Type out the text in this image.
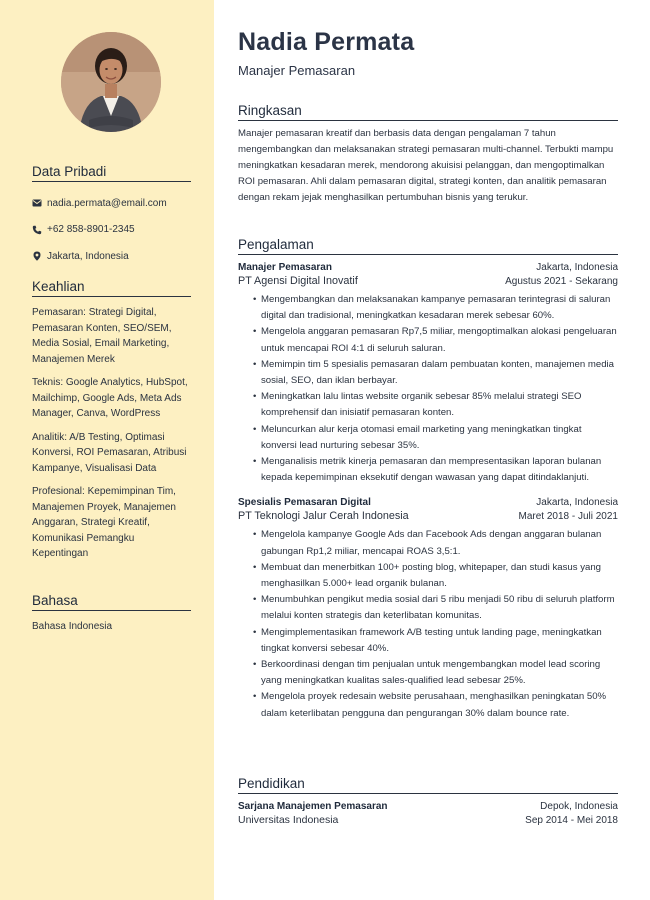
Data Pribadi
nadia.permata@email.com
+62 858-8901-2345
Jakarta, Indonesia
Keahlian
Pemasaran: Strategi Digital, Pemasaran Konten, SEO/SEM, Media Sosial, Email Marketing, Manajemen Merek
Teknis: Google Analytics, HubSpot, Mailchimp, Google Ads, Meta Ads Manager, Canva, WordPress
Analitik: A/B Testing, Optimasi Konversi, ROI Pemasaran, Atribusi Kampanye, Visualisasi Data
Profesional: Kepemimpinan Tim, Manajemen Proyek, Manajemen Anggaran, Strategi Kreatif, Komunikasi Pemangku Kepentingan
Bahasa
Bahasa Indonesia
Nadia Permata
Manajer Pemasaran
Ringkasan
Manajer pemasaran kreatif dan berbasis data dengan pengalaman 7 tahun mengembangkan dan melaksanakan strategi pemasaran multi-channel. Terbukti mampu meningkatkan kesadaran merek, mendorong akuisisi pelanggan, dan mengoptimalkan ROI pemasaran. Ahli dalam pemasaran digital, strategi konten, dan analitik pemasaran dengan rekam jejak menghasilkan pertumbuhan bisnis yang terukur.
Pengalaman
Manajer Pemasaran
PT Agensi Digital Inovatif
Jakarta, Indonesia
Agustus 2021 - Sekarang
• Mengembangkan dan melaksanakan kampanye pemasaran terintegrasi di saluran digital dan tradisional, meningkatkan kesadaran merek sebesar 60%.
• Mengelola anggaran pemasaran Rp7,5 miliar, mengoptimalkan alokasi pengeluaran untuk mencapai ROI 4:1 di seluruh saluran.
• Memimpin tim 5 spesialis pemasaran dalam pembuatan konten, manajemen media sosial, SEO, dan iklan berbayar.
• Meningkatkan lalu lintas website organik sebesar 85% melalui strategi SEO komprehensif dan inisiatif pemasaran konten.
• Meluncurkan alur kerja otomasi email marketing yang meningkatkan tingkat konversi lead nurturing sebesar 35%.
• Menganalisis metrik kinerja pemasaran dan mempresentasikan laporan bulanan kepada kepemimpinan eksekutif dengan wawasan yang dapat ditindaklanjuti.
Spesialis Pemasaran Digital
PT Teknologi Jalur Cerah Indonesia
Jakarta, Indonesia
Maret 2018 - Juli 2021
• Mengelola kampanye Google Ads dan Facebook Ads dengan anggaran bulanan gabungan Rp1,2 miliar, mencapai ROAS 3,5:1.
• Membuat dan menerbitkan 100+ posting blog, whitepaper, dan studi kasus yang menghasilkan 5.000+ lead organik bulanan.
• Menumbuhkan pengikut media sosial dari 5 ribu menjadi 50 ribu di seluruh platform melalui konten strategis dan keterlibatan komunitas.
• Mengimplementasikan framework A/B testing untuk landing page, meningkatkan tingkat konversi sebesar 40%.
• Berkoordinasi dengan tim penjualan untuk mengembangkan model lead scoring yang meningkatkan kualitas sales-qualified lead sebesar 25%.
• Mengelola proyek redesain website perusahaan, menghasilkan peningkatan 50% dalam keterlibatan pengguna dan pengurangan 30% dalam bounce rate.
Pendidikan
Sarjana Manajemen Pemasaran
Universitas Indonesia
Depok, Indonesia
Sep 2014 - Mei 2018
